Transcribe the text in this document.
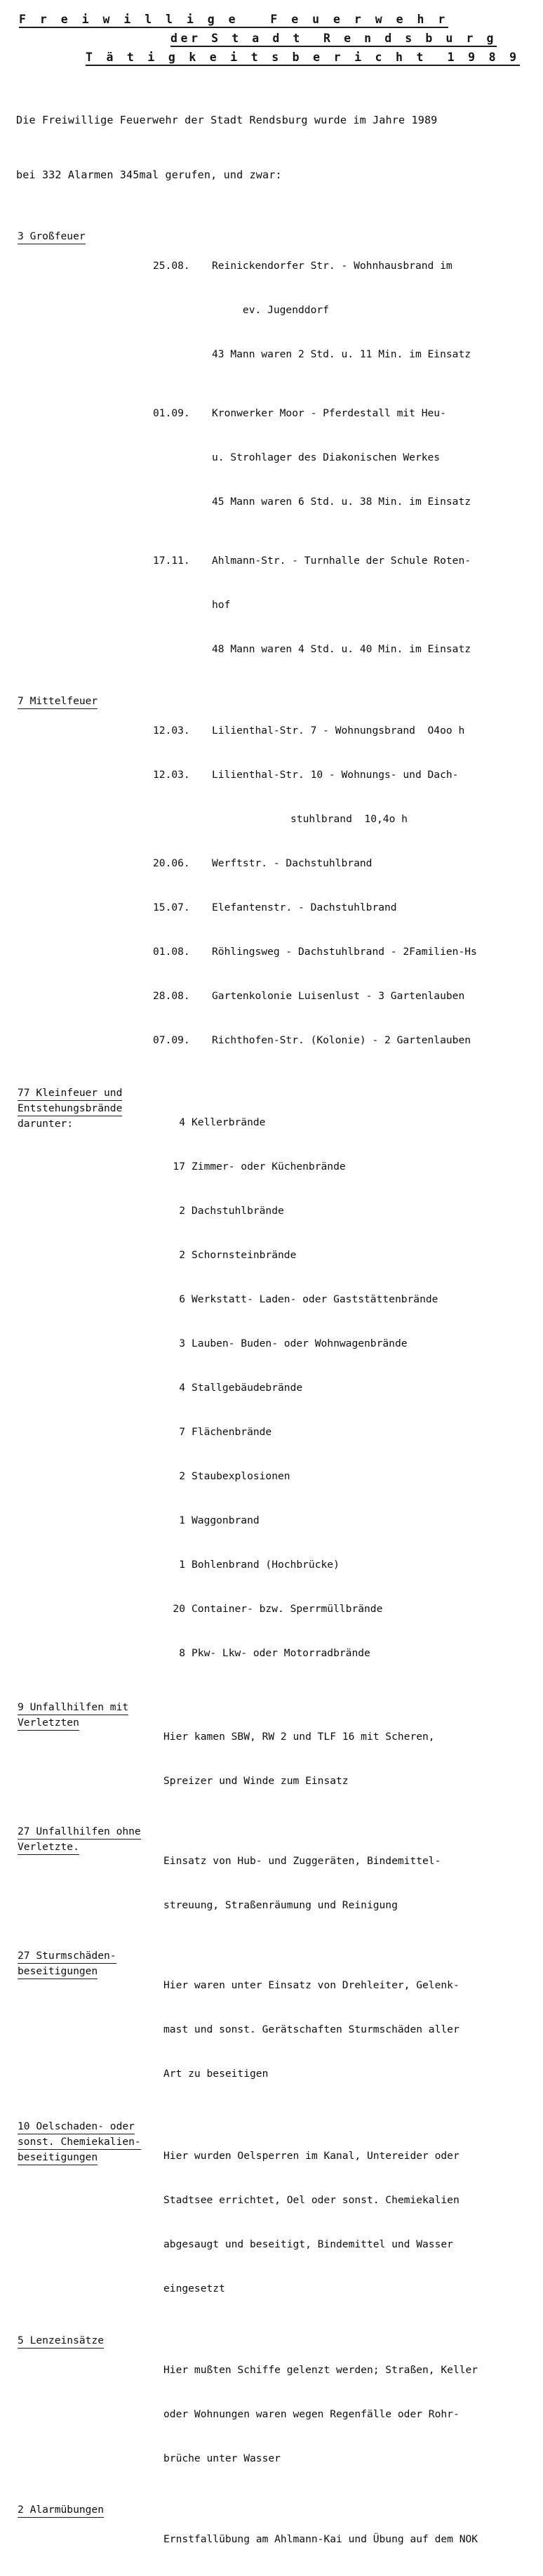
F r e i w i l l i g e   F e u e r w e h r
der S t a d t  R e n d s b u r g
T ä t i g k e i t s b e r i c h t  1 9 8 9

Die Freiwillige Feuerwehr der Stadt Rendsburg wurde im Jahre 1989

bei 332 Alarmen 345mal gerufen, und zwar:

3 Großfeuer

25.08.	Reinickendorfer Str. - Wohnhausbrand im

ev. Jugenddorf

43 Mann waren 2 Std. u. 11 Min. im Einsatz

01.09.	Kronwerker Moor - Pferdestall mit Heu-

u. Strohlager des Diakonischen Werkes

45 Mann waren 6 Std. u. 38 Min. im Einsatz

17.11.	Ahlmann-Str. - Turnhalle der Schule Roten-

hof

48 Mann waren 4 Std. u. 40 Min. im Einsatz

7 Mittelfeuer

12.03.	Lilienthal-Str. 7 - Wohnungsbrand  O4oo h

12.03.	Lilienthal-Str. 10 - Wohnungs- und Dach-

stuhlbrand  10,4o h

20.06.	Werftstr. - Dachstuhlbrand

15.07.	Elefantenstr. - Dachstuhlbrand

01.08.	Röhlingsweg - Dachstuhlbrand - 2Familien-Hs

28.08.	Gartenkolonie Luisenlust - 3 Gartenlauben

07.09.	Richthofen-Str. (Kolonie) - 2 Gartenlauben

77 Kleinfeuer und
Entstehungsbrände
darunter:

	4 Kellerbrände

17 Zimmer- oder Küchenbrände

2 Dachstuhlbrände

2 Schornsteinbrände

6 Werkstatt- Laden- oder Gaststättenbrände

3 Lauben- Buden- oder Wohnwagenbrände

4 Stallgebäudebrände

7 Flächenbrände

2 Staubexplosionen

1 Waggonbrand

1 Bohlenbrand (Hochbrücke)

20 Container- bzw. Sperrmüllbrände

8 Pkw- Lkw- oder Motorradbrände

9 Unfallhilfen mit
Verletzten

Hier kamen SBW, RW 2 und TLF 16 mit Scheren,

Spreizer und Winde zum Einsatz

27 Unfallhilfen ohne
Verletzte.

Einsatz von Hub- und Zuggeräten, Bindemittel-

streuung, Straßenräumung und Reinigung

27 Sturmschäden-
beseitigungen

Hier waren unter Einsatz von Drehleiter, Gelenk-

mast und sonst. Gerätschaften Sturmschäden aller

Art zu beseitigen

10 Oelschaden- oder
sonst. Chemiekalien-
beseitigungen

	Hier wurden Oelsperren im Kanal, Untereider oder

Stadtsee errichtet, Oel oder sonst. Chemiekalien

abgesaugt und beseitigt, Bindemittel und Wasser

eingesetzt

5 Lenzeinsätze

Hier mußten Schiffe gelenzt werden; Straßen, Keller

oder Wohnungen waren wegen Regenfälle oder Rohr-

brüche unter Wasser

2 Alarmübungen

Ernstfallübung am Ahlmann-Kai und Übung auf dem NOK
